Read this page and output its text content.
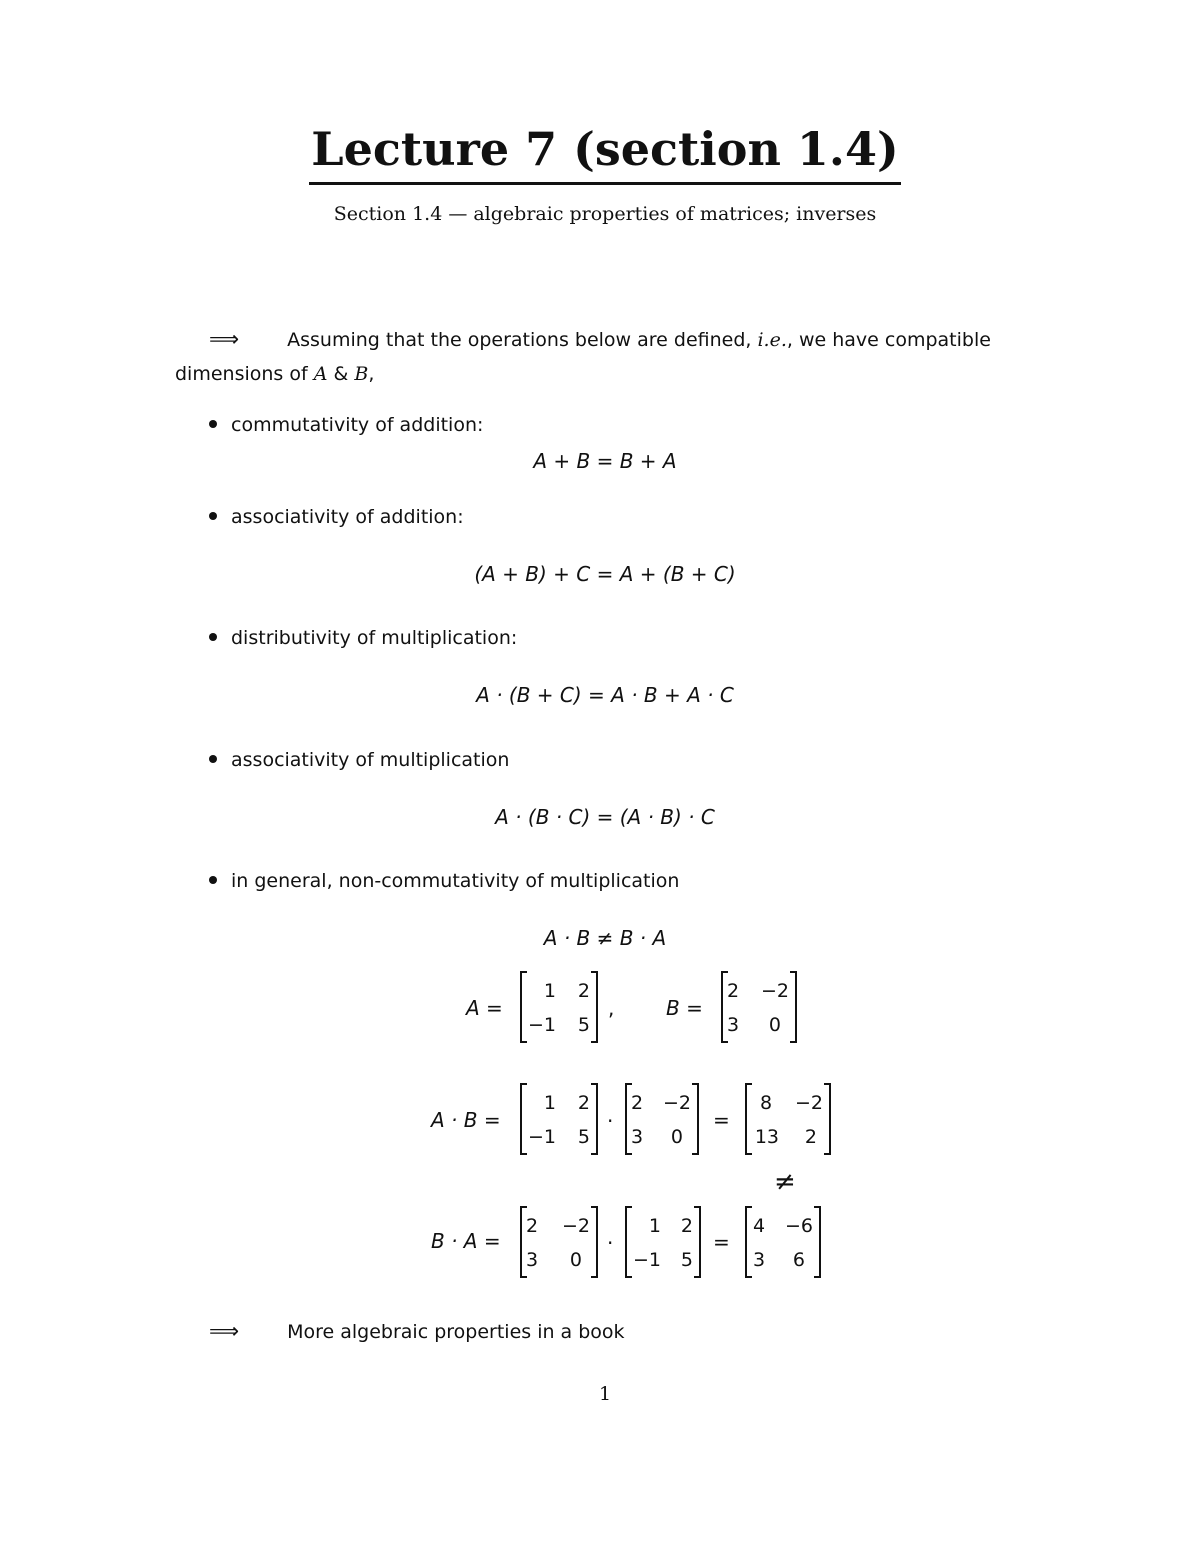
Lecture 7 (section 1.4)
Section 1.4 — algebraic properties of matrices; inverses
⟹	Assuming that the operations below are defined, i.e., we have compatible
dimensions of A & B,
commutativity of addition:
A + B = B + A
associativity of addition:
(A + B) + C = A + (B + C)
distributivity of multiplication:
A · (B + C) = A · B + A · C
associativity of multiplication
A · (B · C) = (A · B) · C
in general, non-commutativity of multiplication
A · B ≠ B · A
A =
1	2
−1	5
,	B =
2	−2
3	0
A · B =
1	2
−1	5
·
2	−2
3	0
=
8	−2
13	2
≠
B · A =
2	−2
3	0
·
1	2
−1	5
=
4	−6
3	6
⟹	More algebraic properties in a book
1
